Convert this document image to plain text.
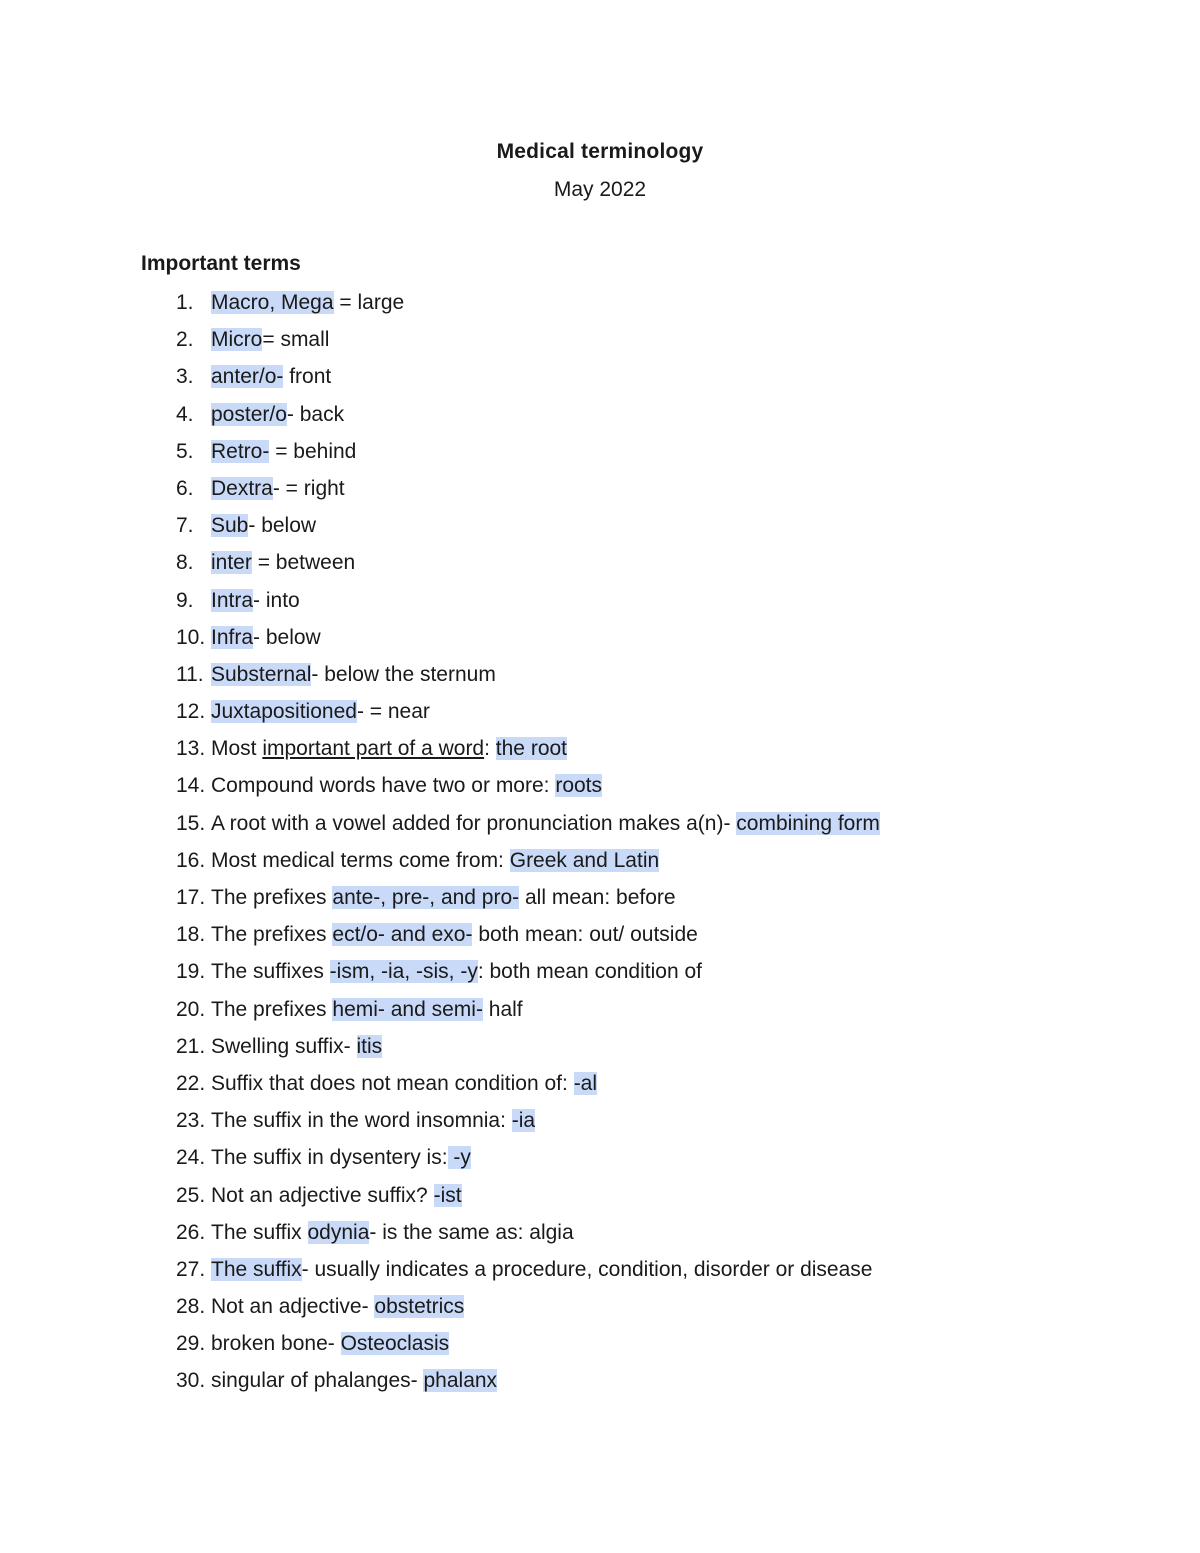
Medical terminology
May 2022
Important terms
1. Macro, Mega = large
2. Micro= small
3. anter/o- front
4. poster/o- back
5. Retro- = behind
6. Dextra- = right
7. Sub- below
8. inter = between
9. Intra- into
10. Infra- below
11. Substernal- below the sternum
12. Juxtapositioned- = near
13. Most important part of a word: the root
14. Compound words have two or more: roots
15. A root with a vowel added for pronunciation makes a(n)- combining form
16. Most medical terms come from: Greek and Latin
17. The prefixes ante-, pre-, and pro- all mean: before
18. The prefixes ect/o- and exo- both mean: out/ outside
19. The suffixes -ism, -ia, -sis, -y: both mean condition of
20. The prefixes hemi- and semi- half
21. Swelling suffix- itis
22. Suffix that does not mean condition of: -al
23. The suffix in the word insomnia: -ia
24. The suffix in dysentery is: -y
25. Not an adjective suffix? -ist
26. The suffix odynia- is the same as: algia
27. The suffix- usually indicates a procedure, condition, disorder or disease
28. Not an adjective- obstetrics
29. broken bone- Osteoclasis
30. singular of phalanges- phalanx
